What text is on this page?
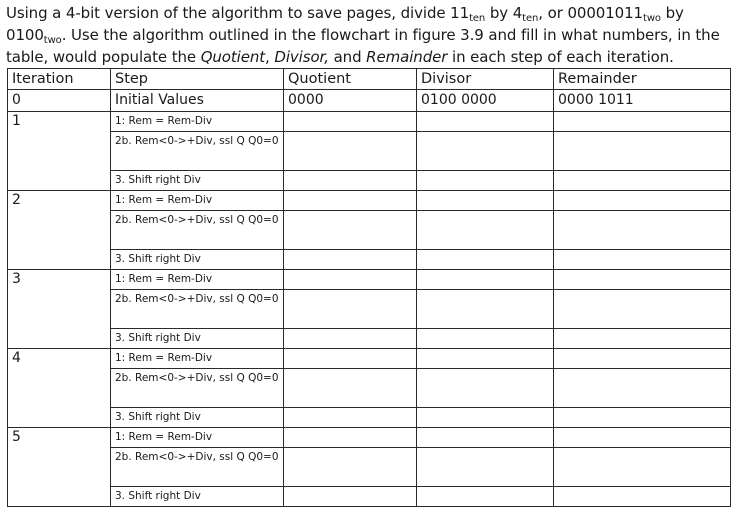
Using a 4-bit version of the algorithm to save pages, divide $11_{ten}$ by $4_{ten}$, or $00001011_{two}$ by $0100_{two}$. Use the algorithm outlined in the flowchart in figure 3.9 and fill in what numbers, in the table, would populate the Quotient, Divisor, and Remainder in each step of each iteration.

Iteration	Step	Quotient	Divisor	Remainder
0	Initial Values	0000	0100 0000	0000 1011
1	1: Rem = Rem-Div			
	2b. Rem<0->+Div, ssl Q Q0=0			
	3. Shift right Div			
2	1: Rem = Rem-Div			
	2b. Rem<0->+Div, ssl Q Q0=0			
	3. Shift right Div			
3	1: Rem = Rem-Div			
	2b. Rem<0->+Div, ssl Q Q0=0			
	3. Shift right Div			
4	1: Rem = Rem-Div			
	2b. Rem<0->+Div, ssl Q Q0=0			
	3. Shift right Div			
5	1: Rem = Rem-Div			
	2b. Rem<0->+Div, ssl Q Q0=0			
	3. Shift right Div			
